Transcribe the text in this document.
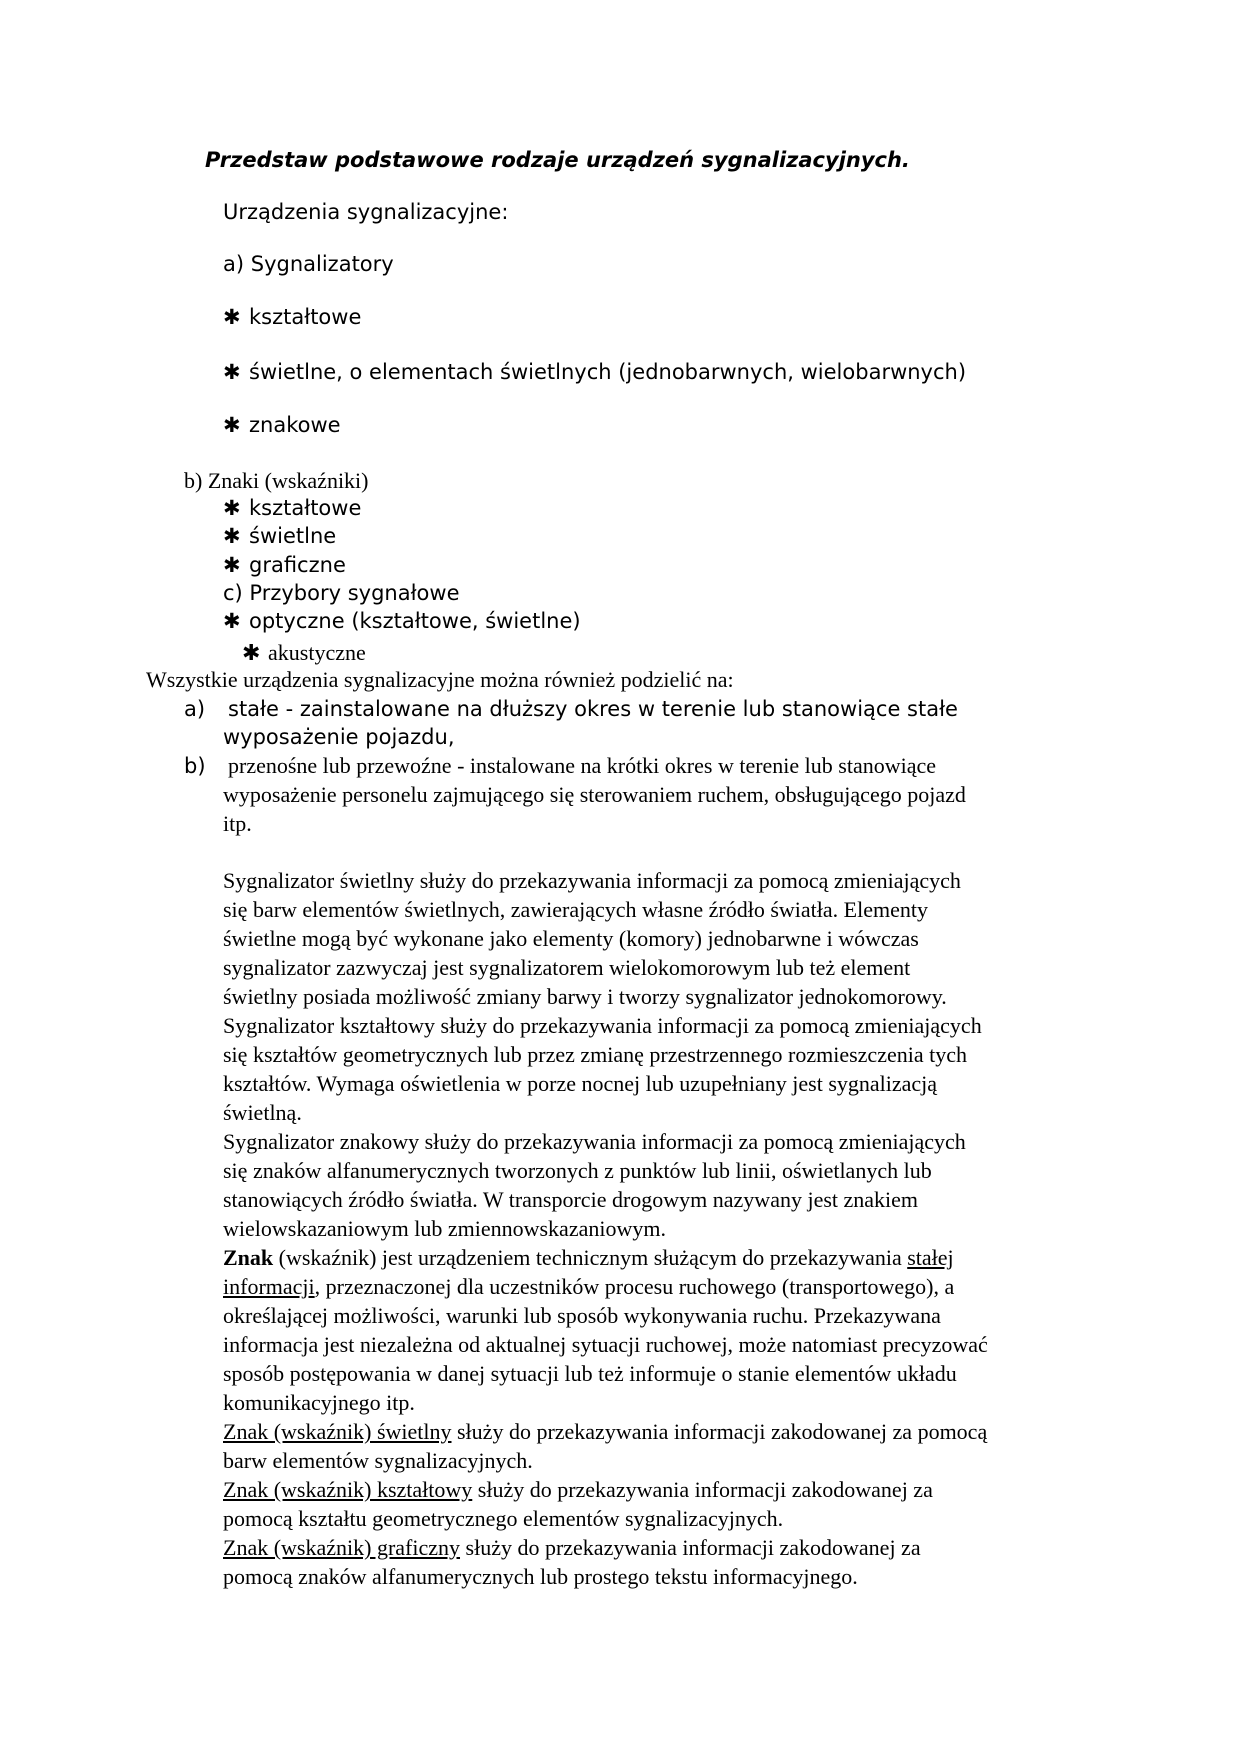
Przedstaw podstawowe rodzaje urządzeń sygnalizacyjnych.

Urządzenia sygnalizacyjne:

a) Sygnalizatory

✱ kształtowe

✱ świetlne, o elementach świetlnych (jednobarwnych, wielobarwnych)

✱ znakowe

b) Znaki (wskaźniki)

✱ kształtowe

✱ świetlne

✱ graficzne

c) Przybory sygnałowe

✱ optyczne (kształtowe, świetlne)

✱ akustyczne

Wszystkie urządzenia sygnalizacyjne można również podzielić na:

a) stałe - zainstalowane na dłuższy okres w terenie lub stanowiące stałe

wyposażenie pojazdu,

b) przenośne lub przewoźne - instalowane na krótki okres w terenie lub stanowiące

wyposażenie personelu zajmującego się sterowaniem ruchem, obsługującego pojazd

itp.

Sygnalizator świetlny służy do przekazywania informacji za pomocą zmieniających

się barw elementów świetlnych, zawierających własne źródło światła. Elementy

świetlne mogą być wykonane jako elementy (komory) jednobarwne i wówczas

sygnalizator zazwyczaj jest sygnalizatorem wielokomorowym lub też element

świetlny posiada możliwość zmiany barwy i tworzy sygnalizator jednokomorowy.

Sygnalizator kształtowy służy do przekazywania informacji za pomocą zmieniających

się kształtów geometrycznych lub przez zmianę przestrzennego rozmieszczenia tych

kształtów. Wymaga oświetlenia w porze nocnej lub uzupełniany jest sygnalizacją

świetlną.

Sygnalizator znakowy służy do przekazywania informacji za pomocą zmieniających

się znaków alfanumerycznych tworzonych z punktów lub linii, oświetlanych lub

stanowiących źródło światła. W transporcie drogowym nazywany jest znakiem

wielowskazaniowym lub zmiennowskazaniowym.

Znak (wskaźnik) jest urządzeniem technicznym służącym do przekazywania stałej

informacji, przeznaczonej dla uczestników procesu ruchowego (transportowego), a

określającej możliwości, warunki lub sposób wykonywania ruchu. Przekazywana

informacja jest niezależna od aktualnej sytuacji ruchowej, może natomiast precyzować

sposób postępowania w danej sytuacji lub też informuje o stanie elementów układu

komunikacyjnego itp.

Znak (wskaźnik) świetlny służy do przekazywania informacji zakodowanej za pomocą

barw elementów sygnalizacyjnych.

Znak (wskaźnik) kształtowy służy do przekazywania informacji zakodowanej za

pomocą kształtu geometrycznego elementów sygnalizacyjnych.

Znak (wskaźnik) graficzny służy do przekazywania informacji zakodowanej za

pomocą znaków alfanumerycznych lub prostego tekstu informacyjnego.
